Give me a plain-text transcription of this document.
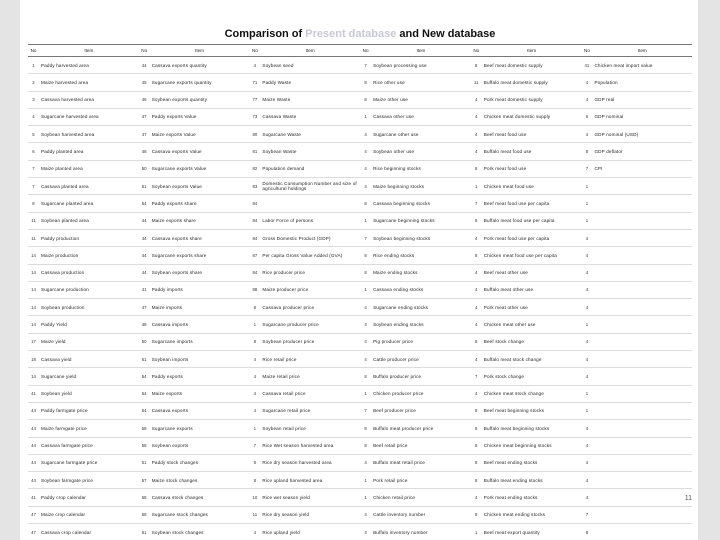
Comparison of Present database and New database
No	Item	No	Item	No	Item	No	Item	No	Item	No	Item
1	Paddy harvested area	44	Cassava exports quantity	4	Soybean seed	7	Soybean processing use	8	Beef meat domestic supply	41	Chicken meat import value
2	Maize harvested area	45	Sugarcane exports quantity	71	Paddy Waste	8	Rice other use	11	Buffalo meat domestic supply	4	Population
3	Cassava harvested area	46	Soybean exports quantity	77	Maize Waste	8	Maize other use	4	Pork meat domestic supply	4	GDP real
4	Sugarcane harvested area	47	Paddy exports Value	73	Cassava Waste	1	Cassava other use	4	Chicken meat domestic supply	6	GDP nominal
5	Soybean harvested area	47	Maize exports Value	80	Sugarcane Waste	4	Sugarcane other use	4	Beef meat food use	4	GDP nominal (USD)
6	Paddy planted area	48	Cassava exports Value	81	Soybean Waste	4	Soybean other use	4	Buffalo meat food use	8	GDP deflator
7	Maize planted area	50	Sugarcane exports Value	82	Population demand	4	Rice beginning stocks	8	Pork meat food use	7	CPI
7	Cassava planted area	51	Soybean exports Value	83	Domestic Consumption Number and size of agricultural holdings	4	Maize beginning stocks	1	Chicken meat food use	1	
8	Sugarcane planted area	54	Paddy exports share	84		8	Cassava beginning stocks	7	Beef meat food use per capita	1	
11	Soybean planted area	44	Maize exports share	84	Labor Force of persons	1	Sugarcane beginning stocks	8	Buffalo meat food use per capita	1	
11	Paddy production	44	Cassava exports share	84	Gross Domestic Product (GDP)	7	Soybean beginning stocks	4	Pork meat food use per capita	4	
14	Maize production	44	Sugarcane exports share	87	Per capita Gross Value Added (GVA)	8	Rice ending stocks	8	Chicken meat food use per capita	4	
14	Cassava production	44	Soybean exports share	84	Rice producer price	8	Maize ending stocks	4	Beef meat other use	4	
14	Sugarcane production	41	Paddy imports	88	Maize producer price	1	Cassava ending stocks	4	Buffalo meat other use	4	
14	Soybean production	47	Maize imports	8	Cassava producer price	4	Sugarcane ending stocks	4	Pork meat other use	4	
14	Paddy Yield	48	Cassava imports	1	Sugarcane producer price	4	Soybean ending stocks	4	Chicken meat other use	1	
17	Maize yield	50	Sugarcane imports	8	Soybean producer price	4	Pig producer price	8	Beef stock change	4	
18	Cassava yield	51	Soybean imports	4	Rice retail price	4	Cattle producer price	4	Buffalo meat stock change	4	
14	Sugarcane yield	54	Paddy exports	4	Maize retail price	8	Buffalo producer price	7	Pork stock change	4	
41	Soybean yield	54	Maize exports	4	Cassava retail price	1	Chicken producer price	4	Chicken meat stock change	1	
44	Paddy farmgate price	54	Cassava exports	4	Sugarcane retail price	7	Beef producer price	8	Beef meat beginning stocks	1	
44	Maize farmgate price	58	Sugarcane exports	1	Soybean retail price	8	Buffalo meat producer price	8	Buffalo meat beginning stocks	4	
44	Cassava farmgate price	58	Soybean exports	7	Rice Wet season harvested area	8	Beef retail price	8	Chicken meat beginning stocks	4	
44	Sugarcane farmgate price	51	Paddy stock changes	8	Rice dry season harvested area	4	Buffalo meat retail price	8	Beef meat ending stocks	4	
44	Soybean farmgate price	57	Maize stock changes	8	Rice upland harvested area	1	Pork retail price	8	Buffalo meat ending stocks	4	
41	Paddy crop calendar	58	Cassava stock changes	10	Rice wet season yield	1	Chicken retail price	4	Pork meat ending stocks	4	
47	Maize crop calendar	58	Sugarcane stock changes	11	Rice dry season yield	4	Cattle inventory number	8	Chicken meat ending stocks	7	
47	Cassava crop calendar	61	Soybean stock changes	4	Rice upland yield	4	Buffalo inventory number	1	Beef meat export quantity	8	
11
